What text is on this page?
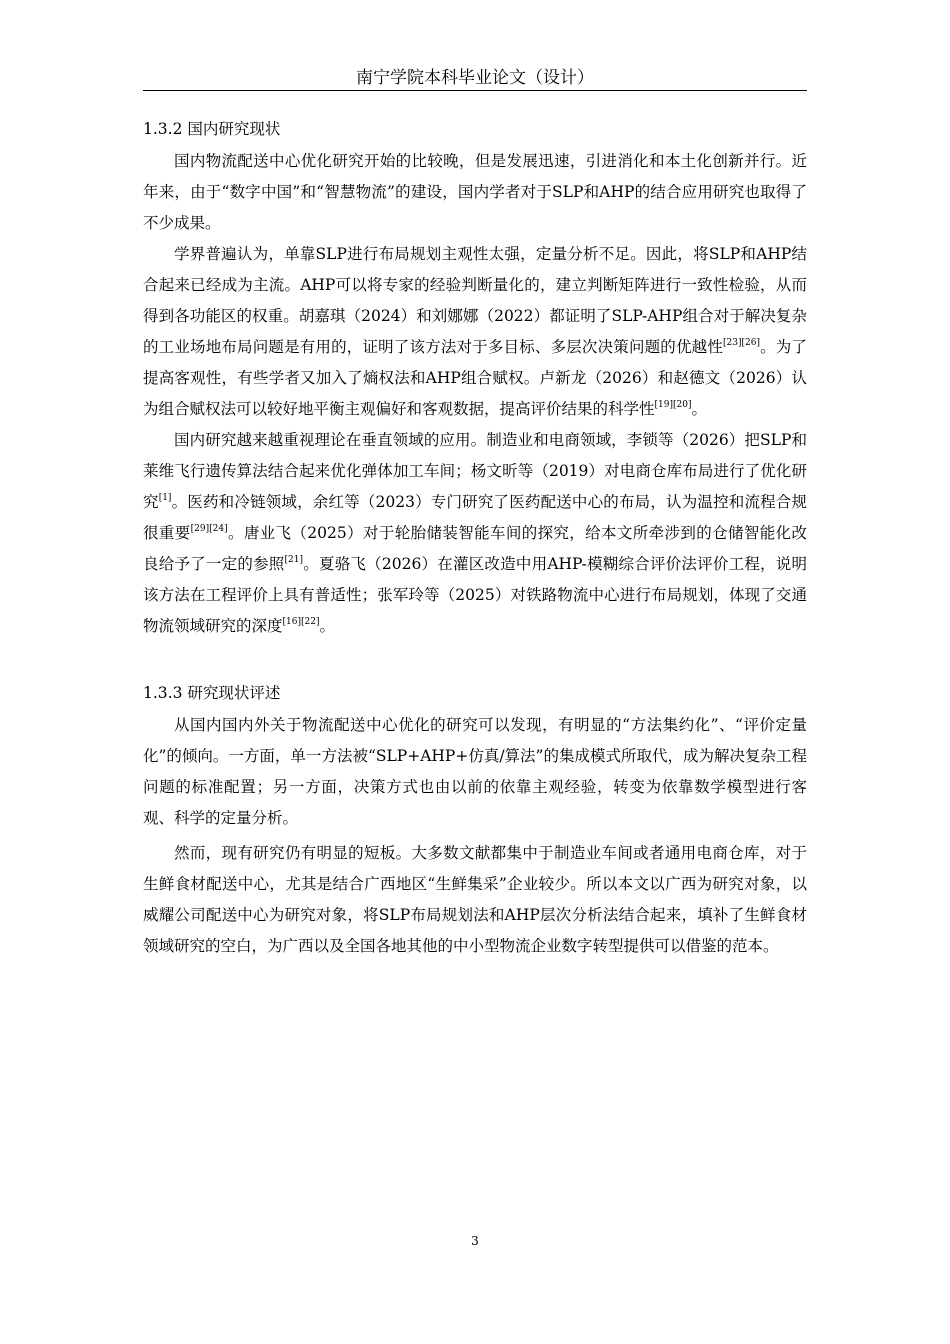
南宁学院本科毕业论文（设计）
1.3.2 国内研究现状

国内物流配送中心优化研究开始的比较晚，但是发展迅速，引进消化和本土化创新并行。近年来，由于“数字中国”和“智慧物流”的建设，国内学者对于SLP和AHP的结合应用研究也取得了不少成果。

学界普遍认为，单靠SLP进行布局规划主观性太强，定量分析不足。因此，将SLP和AHP结合起来已经成为主流。AHP可以将专家的经验判断量化的，建立判断矩阵进行一致性检验，从而得到各功能区的权重。胡嘉琪（2024）和刘娜娜（2022）都证明了SLP-AHP组合对于解决复杂的工业场地布局问题是有用的，证明了该方法对于多目标、多层次决策问题的优越性[23][26]。为了提高客观性，有些学者又加入了熵权法和AHP组合赋权。卢新龙（2026）和赵德文（2026）认为组合赋权法可以较好地平衡主观偏好和客观数据，提高评价结果的科学性[19][20]。

国内研究越来越重视理论在垂直领域的应用。制造业和电商领域，李锁等（2026）把SLP和莱维飞行遗传算法结合起来优化弹体加工车间；杨文昕等（2019）对电商仓库布局进行了优化研究[1]。医药和冷链领域，余红等（2023）专门研究了医药配送中心的布局，认为温控和流程合规很重要[29][24]。唐业飞（2025）对于轮胎储装智能车间的探究，给本文所牵涉到的仓储智能化改良给予了一定的参照[21]。夏骆飞（2026）在灌区改造中用AHP-模糊综合评价法评价工程，说明该方法在工程评价上具有普适性；张军玲等（2025）对铁路物流中心进行布局规划，体现了交通物流领域研究的深度[16][22]。

1.3.3 研究现状评述

从国内国内外关于物流配送中心优化的研究可以发现，有明显的“方法集约化”、“评价定量化”的倾向。一方面，单一方法被“SLP+AHP+仿真/算法”的集成模式所取代，成为解决复杂工程问题的标准配置；另一方面，决策方式也由以前的依靠主观经验，转变为依靠数学模型进行客观、科学的定量分析。

然而，现有研究仍有明显的短板。大多数文献都集中于制造业车间或者通用电商仓库，对于生鲜食材配送中心，尤其是结合广西地区“生鲜集采”企业较少。所以本文以广西为研究对象，以威耀公司配送中心为研究对象，将SLP布局规划法和AHP层次分析法结合起来，填补了生鲜食材领域研究的空白，为广西以及全国各地其他的中小型物流企业数字转型提供可以借鉴的范本。

3
